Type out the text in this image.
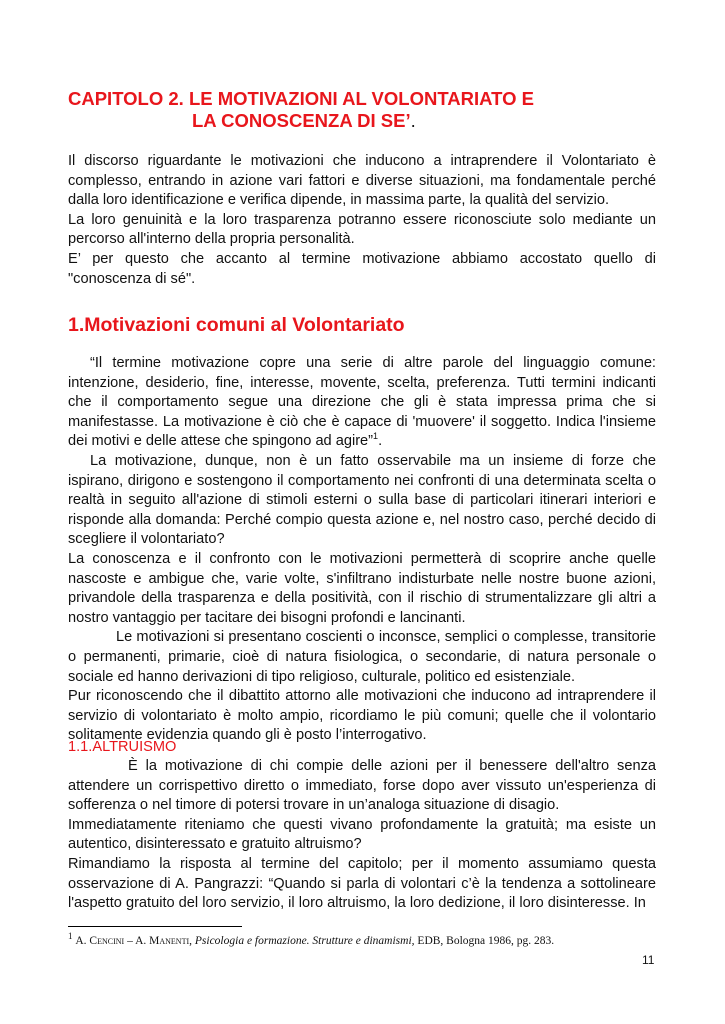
CAPITOLO 2. LE MOTIVAZIONI AL VOLONTARIATO E
LA CONOSCENZA DI SE’.

Il discorso riguardante le motivazioni che inducono a intraprendere il Volontariato è complesso, entrando in azione vari fattori e diverse situazioni, ma fondamentale perché dalla loro identificazione e verifica dipende, in massima parte, la qualità del servizio.

La loro genuinità e la loro trasparenza potranno essere riconosciute solo mediante un percorso all'interno della propria personalità.

E’ per questo che accanto al termine motivazione abbiamo accostato quello di "conoscenza di sé".

1.Motivazioni comuni al Volontariato

“Il termine motivazione copre una serie di altre parole del linguaggio comune: intenzione, desiderio, fine, interesse, movente, scelta, preferenza. Tutti termini indicanti che il comportamento segue una direzione che gli è stata impressa prima che si manifestasse. La motivazione è ciò che è capace di 'muovere' il soggetto. Indica l'insieme dei motivi e delle attese che spingono ad agire”$^1$.

La motivazione, dunque, non è un fatto osservabile ma un insieme di forze che ispirano, dirigono e sostengono il comportamento nei confronti di una determinata scelta o realtà in seguito all'azione di stimoli esterni o sulla base di particolari itinerari interiori e risponde alla domanda: Perché compio questa azione e, nel nostro caso, perché decido di scegliere il volontariato?

La conoscenza e il confronto con le motivazioni permetterà di scoprire anche quelle nascoste e ambigue che, varie volte, s'infiltrano indisturbate nelle nostre buone azioni, privandole della trasparenza e della positività, con il rischio di strumentalizzare gli altri a nostro vantaggio per tacitare dei bisogni profondi e lancinanti.

Le motivazioni si presentano coscienti o inconsce, semplici o complesse, transitorie o permanenti, primarie, cioè di natura fisiologica, o secondarie, di natura personale o sociale ed hanno derivazioni di tipo religioso, culturale, politico ed esistenziale.

Pur riconoscendo che il dibattito attorno alle motivazioni che inducono ad intraprendere il servizio di volontariato è molto ampio, ricordiamo le più comuni; quelle che il volontario solitamente evidenzia quando gli è posto l’interrogativo.

1.1.ALTRUISMO

È la motivazione di chi compie delle azioni per il benessere dell'altro senza attendere un corrispettivo diretto o immediato, forse dopo aver vissuto un'esperienza di sofferenza o nel timore di potersi trovare in un’analoga situazione di disagio.

Immediatamente riteniamo che questi vivano profondamente la gratuità; ma esiste un autentico, disinteressato e gratuito altruismo?

Rimandiamo la risposta al termine del capitolo; per il momento assumiamo questa osservazione di A. Pangrazzi: “Quando si parla di volontari c’è la tendenza a sottolineare l'aspetto gratuito del loro servizio, il loro altruismo, la loro dedizione, il loro disinteresse. In

$^1$ A. Cencini – A. Manenti, Psicologia e formazione. Strutture e dinamismi, EDB, Bologna 1986, pg. 283.
11
